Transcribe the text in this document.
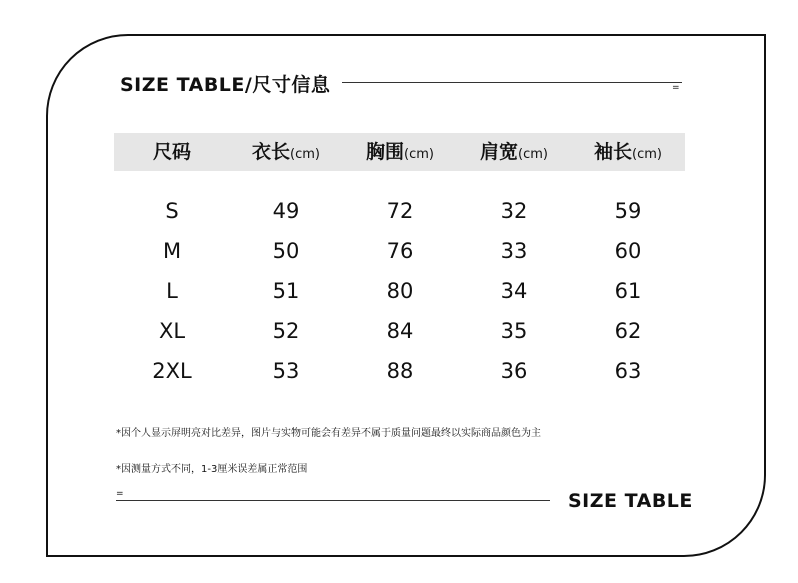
SIZE TABLE/尺寸信息	=
尺码	衣长(cm) 胸围(cm) 肩宽(cm) 袖长(cm)
S	49	72	32	59
M	50	76	33	60
L	51	80	34	61
XL	52	84	35	62
2XL	53	88	36	63
*因个人显示屏明亮对比差异，图片与实物可能会有差异不属于质量问题最终以实际商品颜色为主
*因测量方式不同，1-3厘米误差属正常范围
=	SIZE TABLE
